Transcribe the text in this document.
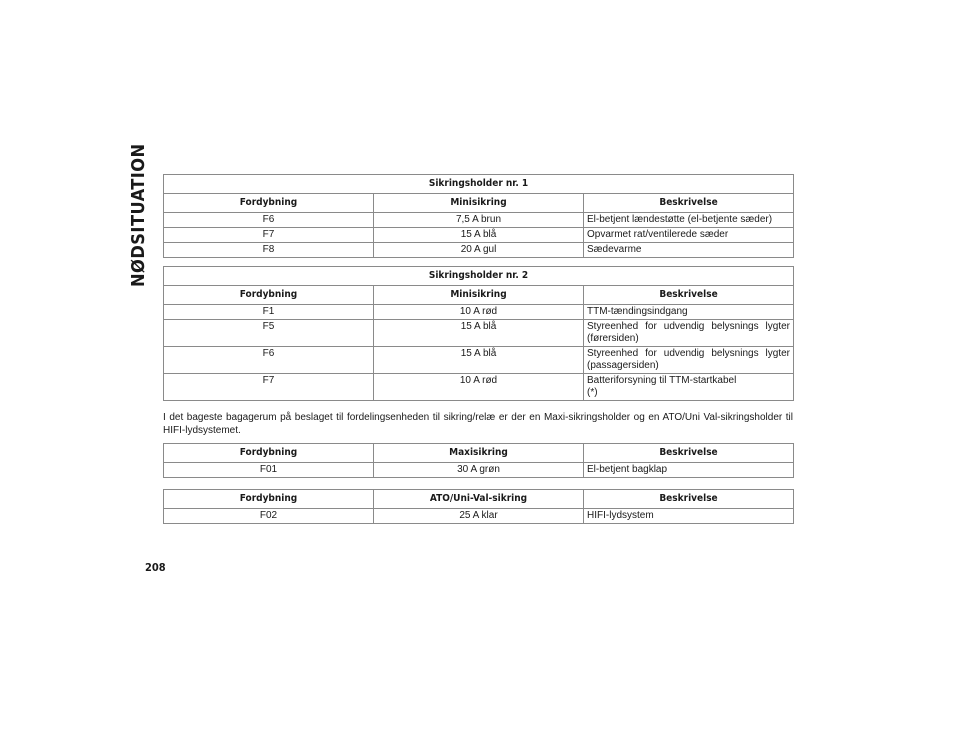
NØDSITUATION
208
Sikringsholder nr. 1		
Fordybning	Minisikring	Beskrivelse
F6	7,5 A brun	El-betjent lændestøtte (el-betjente sæder)
F7	15 A blå	Opvarmet rat/ventilerede sæder
F8	20 A gul	Sædevarme
Sikringsholder nr. 2		
Fordybning	Minisikring	Beskrivelse
F1	10 A rød	TTM-tændingsindgang
F5	15 A blå	Styreenhed for udvendig belysnings lygter
(førersiden)

F6	15 A blå	Styreenhed for udvendig belysnings lygter
(passagersiden)

F7	10 A rød	Batteriforsyning til TTM-startkabel
(*)
I det bageste bagagerum på beslaget til fordelingsenheden til sikring/relæ er der en Maxi-sikringsholder og en ATO/Uni Val-sikringsholder til HIFI-lydsystemet.
Fordybning	Maxisikring	Beskrivelse
F01	30 A grøn	El-betjent bagklap
Fordybning	ATO/Uni-Val-sikring	Beskrivelse
F02	25 A klar	HIFI-lydsystem
